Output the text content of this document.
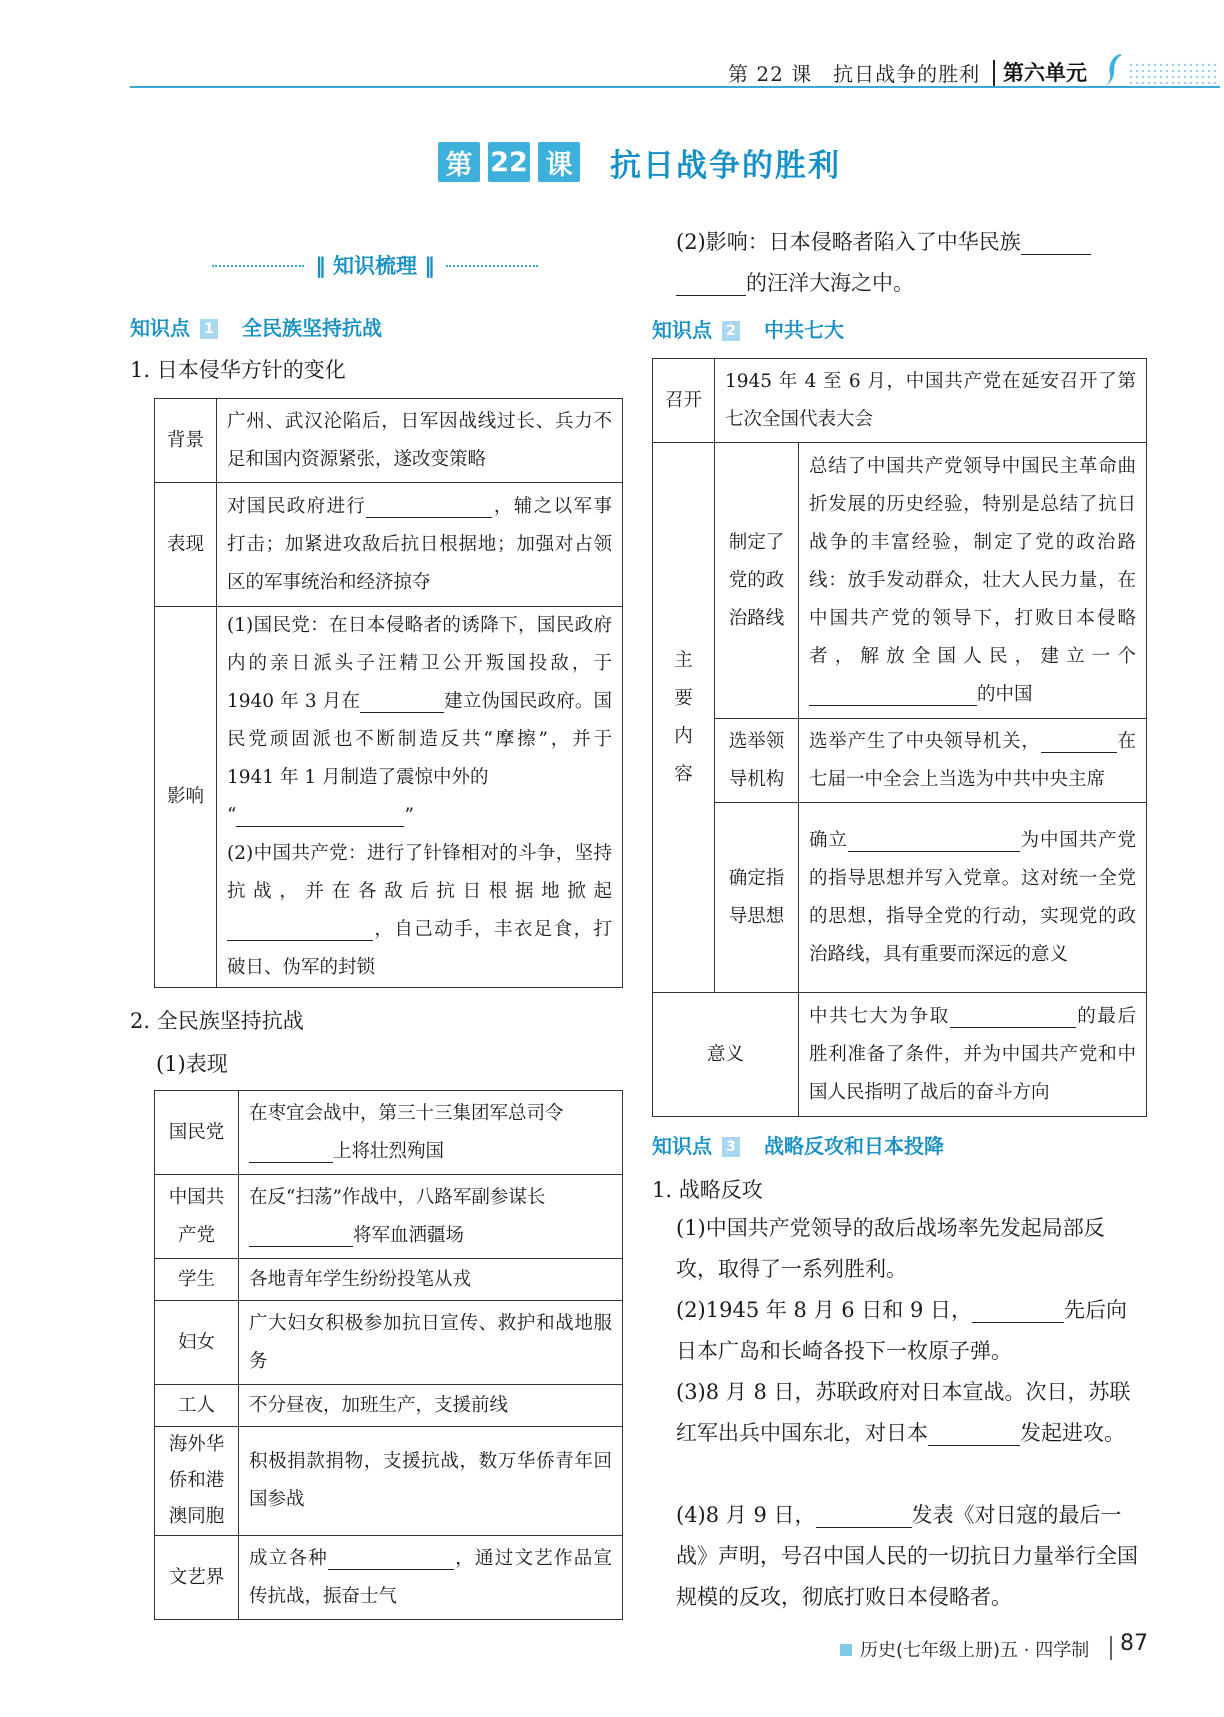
第 22 课　抗日战争的胜利 第六单元
第 22 课 抗日战争的胜利
‖ 知识梳理 ‖
知识点 1 全民族坚持抗战
1. 日本侵华方针的变化
背景	广州、武汉沦陷后，日军因战线过长、兵力不足和国内资源紧张，遂改变策略
表现	对国民政府进行 ，辅之以军事打击；加紧进攻敌后抗日根据地；加强对占领区的军事统治和经济掠夺
影响	(1)国民党：在日本侵略者的诱降下，国民政府内的亲日派头子汪精卫公开叛国投敌，于 1940 年 3 月在 建立伪国民政府。国民党顽固派也不断制造反共“摩擦”，并于 1941 年 1 月制造了震惊中外的
“ ”
(2)中国共产党：进行了针锋相对的斗争，坚持抗战，并在各敌后抗日根据地掀起，自己动手，丰衣足食，打破日、伪军的封锁
2. 全民族坚持抗战
(1)表现
国民党	在枣宜会战中，第三十三集团军总司令
上将壮烈殉国
中国共产党	在反“扫荡”作战中，八路军副参谋长
将军血洒疆场
学生	各地青年学生纷纷投笔从戎
妇女	广大妇女积极参加抗日宣传、救护和战地服务
工人	不分昼夜，加班生产，支援前线
海外华侨和港澳同胞	积极捐款捐物，支援抗战，数万华侨青年回国参战
文艺界	成立各种 ，通过文艺作品宣传抗战，振奋士气
(2)影响：日本侵略者陷入了中华民族
的汪洋大海之中。
知识点 2 中共七大
召开	1945 年 4 至 6 月，中国共产党在延安召开了第七次全国代表大会	
主要内容	制定了党的政治路线	总结了中国共产党领导中国民主革命曲折发展的历史经验，特别是总结了抗日战争的丰富经验，制定了党的政治路线：放手发动群众，壮大人民力量，在中国共产党的领导下，打败日本侵略者，解放全国人民，建立一个的中国
	选举领导机构	选举产生了中央领导机关， 在七届一中全会上当选为中共中央主席
	确定指导思想	确立 为中国共产党的指导思想并写入党章。这对统一全党的思想，指导全党的行动，实现党的政治路线，具有重要而深远的意义
意义		中共七大为争取 的最后胜利准备了条件，并为中国共产党和中国人民指明了战后的奋斗方向
知识点 3 战略反攻和日本投降
1. 战略反攻
(1)中国共产党领导的敌后战场率先发起局部反攻，取得了一系列胜利。
(2)1945 年 8 月 6 日和 9 日，	先后向日本广岛和长崎各投下一枚原子弹。
(3)8 月 8 日，苏联政府对日本宣战。次日，苏联红军出兵中国东北，对日本	发起进攻。
(4)8 月 9 日，	发表《对日寇的最后一战》声明，号召中国人民的一切抗日力量举行全国规模的反攻，彻底打败日本侵略者。
历史(七年级上册)五 · 四学制 87
